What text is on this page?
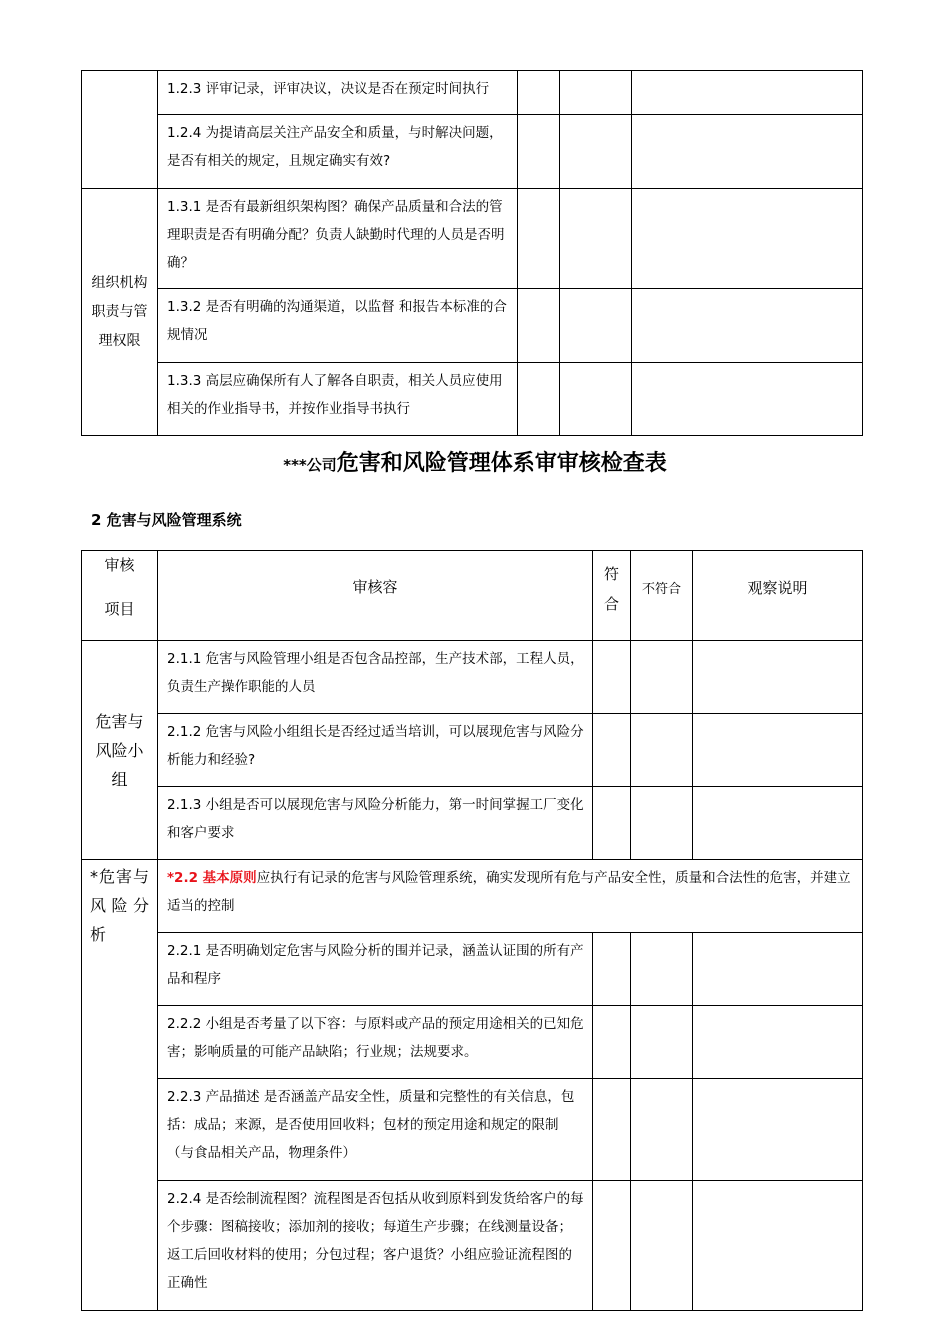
	1.2.3 评审记录，评审决议，决议是否在预定时间执行			
	1.2.4 为提请高层关注产品安全和质量，与时解决问题，是否有相关的规定，且规定确实有效?			
组织机构职责与管理权限	1.3.1 是否有最新组织架构图？确保产品质量和合法的管理职责是否有明确分配？负责人缺勤时代理的人员是否明确？			
	1.3.2 是否有明确的沟通渠道，以监督 和报告本标准的合规情况			
	1.3.3 高层应确保所有人了解各自职责，相关人员应使用相关的作业指导书，并按作业指导书执行			
***公司危害和风险管理体系审审核检查表
2 危害与风险管理系统
审核

项目	审核容	符合	不符合	观察说明
危害与风险小组	2.1.1 危害与风险管理小组是否包含品控部，生产技术部，工程人员，负责生产操作职能的人员			
	2.1.2 危害与风险小组组长是否经过适当培训，可以展现危害与风险分析能力和经验?			
	2.1.3 小组是否可以展现危害与风险分析能力，第一时间掌握工厂变化和客户要求			
*危害与风险分析	*2.2 基本原则应执行有记录的危害与风险管理系统，确实发现所有危与产品安全性，质量和合法性的危害，并建立适当的控制			
	2.2.1 是否明确划定危害与风险分析的围并记录，涵盖认证围的所有产品和程序			
	2.2.2 小组是否考量了以下容：与原料或产品的预定用途相关的已知危害；影响质量的可能产品缺陷；行业规；法规要求。			
	2.2.3 产品描述 是否涵盖产品安全性，质量和完整性的有关信息，包括：成品；来源，是否使用回收料；包材的预定用途和规定的限制（与食品相关产品，物理条件）			
	2.2.4 是否绘制流程图？流程图是否包括从收到原料到发货给客户的每个步骤：图稿接收；添加剂的接收；每道生产步骤；在线测量设备；返工后回收材料的使用；分包过程；客户退货？小组应验证流程图的正确性			
